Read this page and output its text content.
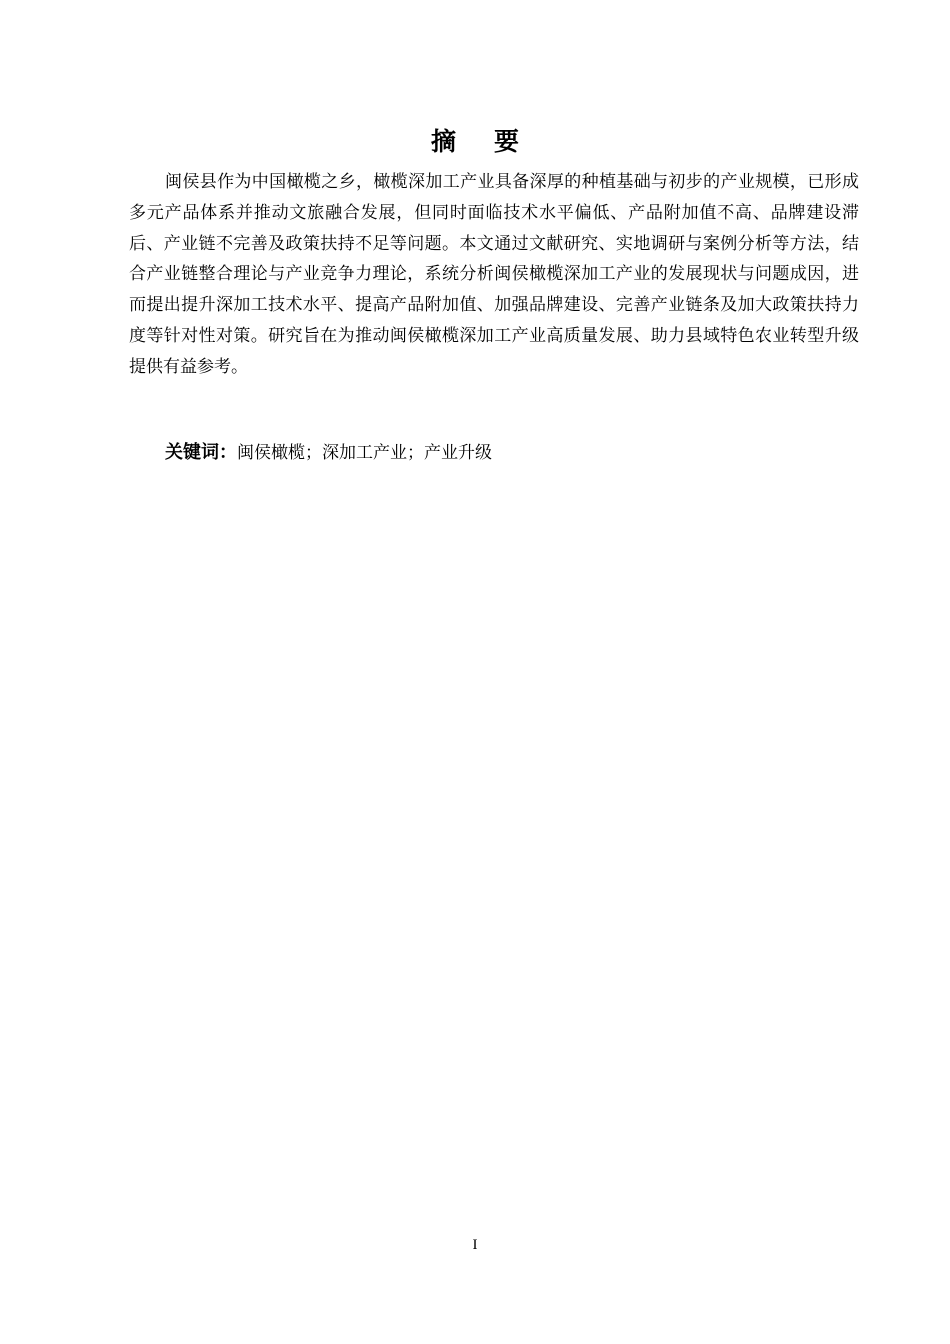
摘要

闽侯县作为中国橄榄之乡，橄榄深加工产业具备深厚的种植基础与初步的产业规模，已形成多元产品体系并推动文旅融合发展，但同时面临技术水平偏低、产品附加值不高、品牌建设滞后、产业链不完善及政策扶持不足等问题。本文通过文献研究、实地调研与案例分析等方法，结合产业链整合理论与产业竞争力理论，系统分析闽侯橄榄深加工产业的发展现状与问题成因，进而提出提升深加工技术水平、提高产品附加值、加强品牌建设、完善产业链条及加大政策扶持力度等针对性对策。研究旨在为推动闽侯橄榄深加工产业高质量发展、助力县域特色农业转型升级提供有益参考。

关键词：闽侯橄榄；深加工产业；产业升级

I
